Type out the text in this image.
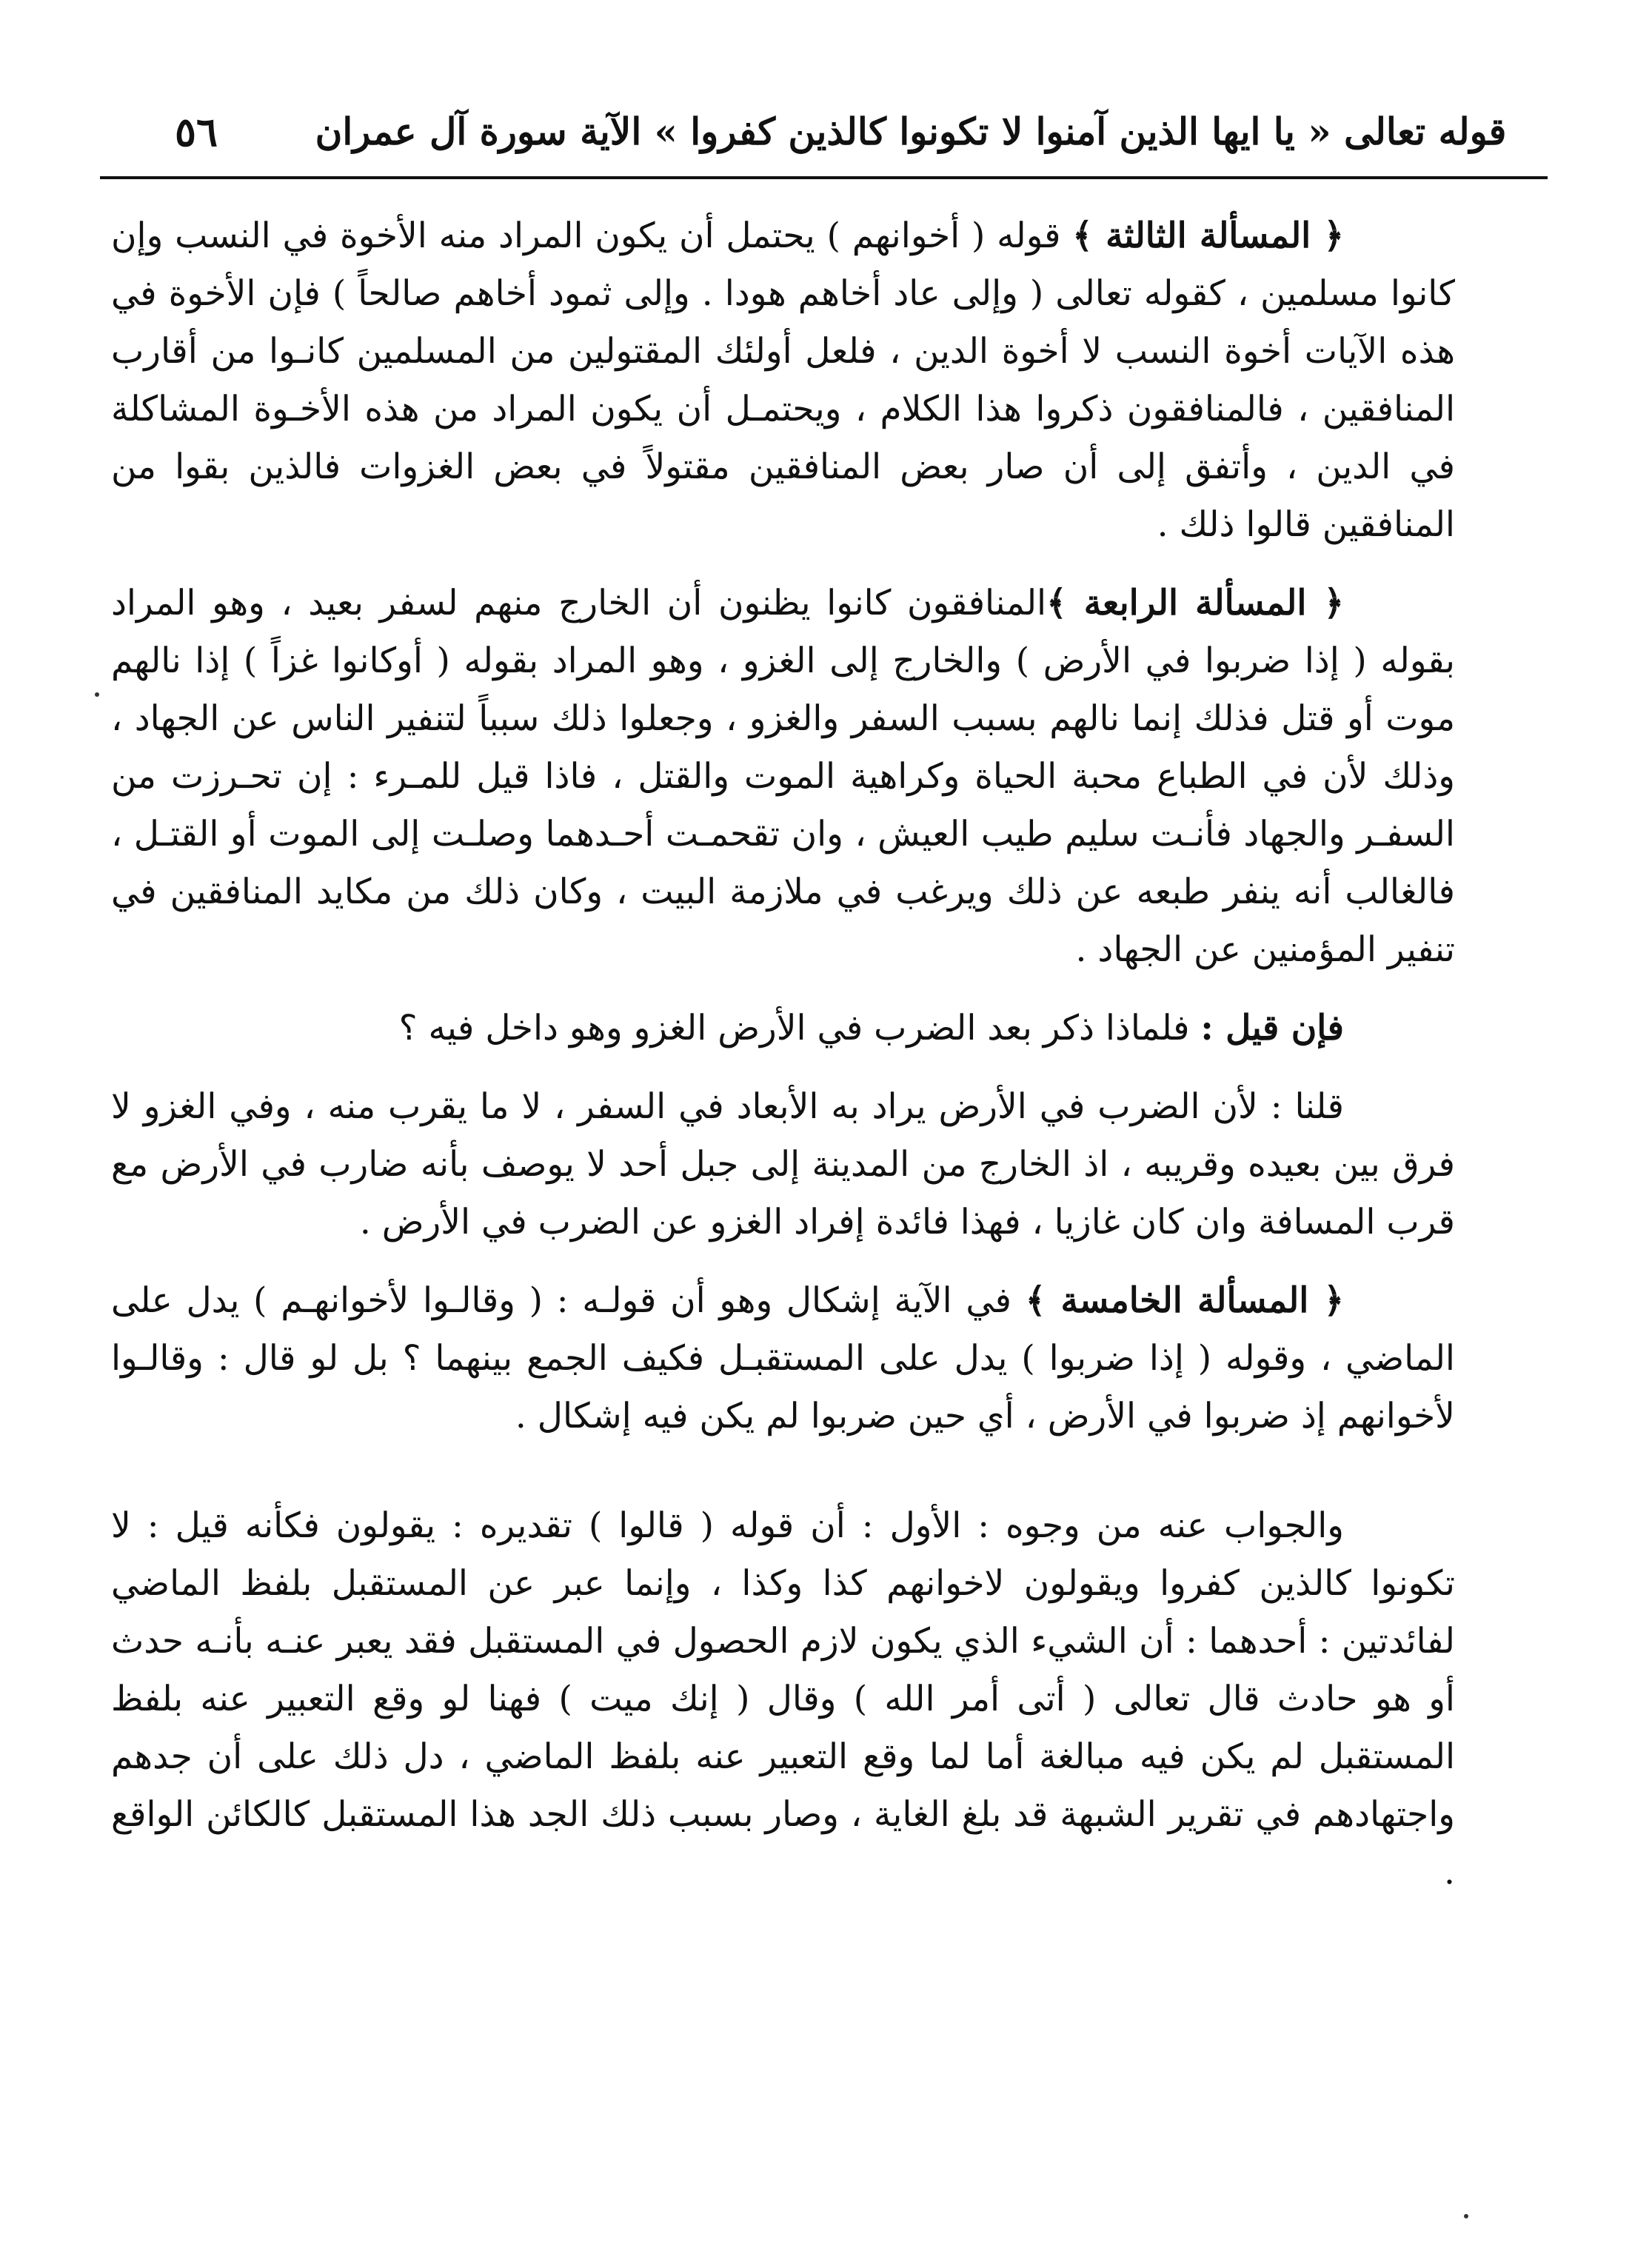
قوله تعالى « يا ايها الذين آمنوا لا تكونوا كالذين كفروا » الآية سورة آل عمران
٥٦

﴿ المسألة الثالثة ﴾ قوله ( أخوانهم ) يحتمل أن يكون المراد منه الأخوة في النسب وإن كانوا مسلمين ، كقوله تعالى ( وإلى عاد أخاهم هودا . وإلى ثمود أخاهم صالحاً ) فإن الأخوة في هذه الآيات أخوة النسب لا أخوة الدين ، فلعل أولئك المقتولين من المسلمين كانـوا من أقارب المنافقين ، فالمنافقون ذكروا هذا الكلام ، ويحتمـل أن يكون المراد من هذه الأخـوة المشاكلة في الدين ، وأتفق إلى أن صار بعض المنافقين مقتولاً في بعض الغزوات فالذين بقوا من المنافقين قالوا ذلك .

﴿ المسألة الرابعة ﴾المنافقون كانوا يظنون أن الخارج منهم لسفر بعيد ، وهو المراد بقوله ( إذا ضربوا في الأرض ) والخارج إلى الغزو ، وهو المراد بقوله ( أوكانوا غزاً ) إذا نالهم موت أو قتل فذلك إنما نالهم بسبب السفر والغزو ، وجعلوا ذلك سبباً لتنفير الناس عن الجهاد ، وذلك لأن في الطباع محبة الحياة وكراهية الموت والقتل ، فاذا قيل للمـرء : إن تحـرزت من السفـر والجهاد فأنـت سليم طيب العيش ، وان تقحمـت أحـدهما وصلـت إلى الموت أو القتـل ، فالغالب أنه ينفر طبعه عن ذلك ويرغب في ملازمة البيت ، وكان ذلك من مكايد المنافقين في تنفير المؤمنين عن الجهاد .

فإن قيل : فلماذا ذكر بعد الضرب في الأرض الغزو وهو داخل فيه ؟

قلنا : لأن الضرب في الأرض يراد به الأبعاد في السفر ، لا ما يقرب منه ، وفي الغزو لا فرق بين بعيده وقريبه ، اذ الخارج من المدينة إلى جبل أحد لا يوصف بأنه ضارب في الأرض مع قرب المسافة وان كان غازيا ، فهذا فائدة إفراد الغزو عن الضرب في الأرض .

﴿ المسألة الخامسة ﴾ في الآية إشكال وهو أن قولـه : ( وقالـوا لأخوانهـم ) يدل على الماضي ، وقوله ( إذا ضربوا ) يدل على المستقبـل فكيف الجمع بينهما ؟ بل لو قال : وقالـوا لأخوانهم إذ ضربوا في الأرض ، أي حين ضربوا لم يكن فيه إشكال .

والجواب عنه من وجوه : الأول : أن قوله ( قالوا ) تقديره : يقولون فكأنه قيل : لا تكونوا كالذين كفروا ويقولون لاخوانهم كذا وكذا ، وإنما عبر عن المستقبل بلفظ الماضي لفائدتين : أحدهما : أن الشيء الذي يكون لازم الحصول في المستقبل فقد يعبر عنـه بأنـه حدث أو هو حادث قال تعالى ( أتى أمر الله ) وقال ( إنك ميت ) فهنا لو وقع التعبير عنه بلفظ المستقبل لم يكن فيه مبالغة أما لما وقع التعبير عنه بلفظ الماضي ، دل ذلك على أن جدهم واجتهادهم في تقرير الشبهة قد بلغ الغاية ، وصار بسبب ذلك الجد هذا المستقبل كالكائن الواقع .
